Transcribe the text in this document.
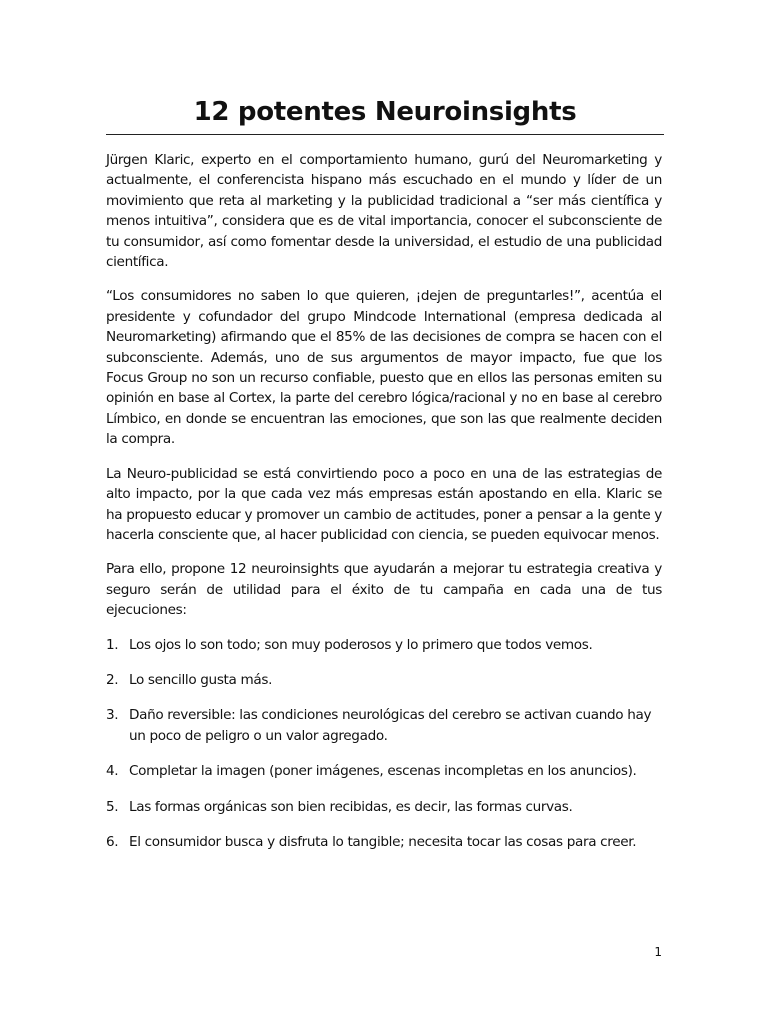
12 potentes Neuroinsights

Jürgen Klaric, experto en el comportamiento humano, gurú del Neuromarketing y actualmente, el conferencista hispano más escuchado en el mundo y líder de un movimiento que reta al marketing y la publicidad tradicional a “ser más científica y menos intuitiva”, considera que es de vital importancia, conocer el subconsciente de tu consumidor, así como fomentar desde la universidad, el estudio de una publicidad científica.

“Los consumidores no saben lo que quieren, ¡dejen de preguntarles!”, acentúa el presidente y cofundador del grupo Mindcode International (empresa dedicada al Neuromarketing) afirmando que el 85% de las decisiones de compra se hacen con el subconsciente. Además, uno de sus argumentos de mayor impacto, fue que los Focus Group no son un recurso confiable, puesto que en ellos las personas emiten su opinión en base al Cortex, la parte del cerebro lógica/racional y no en base al cerebro Límbico, en donde se encuentran las emociones, que son las que realmente deciden la compra.

La Neuro-publicidad se está convirtiendo poco a poco en una de las estrategias de alto impacto, por la que cada vez más empresas están apostando en ella. Klaric se ha propuesto educar y promover un cambio de actitudes, poner a pensar a la gente y hacerla consciente que, al hacer publicidad con ciencia, se pueden equivocar menos.

Para ello, propone 12 neuroinsights que ayudarán a mejorar tu estrategia creativa y seguro serán de utilidad para el éxito de tu campaña en cada una de tus ejecuciones:

1. Los ojos lo son todo; son muy poderosos y lo primero que todos vemos.
2. Lo sencillo gusta más.
3. Daño reversible: las condiciones neurológicas del cerebro se activan cuando hay un poco de peligro o un valor agregado.
4. Completar la imagen (poner imágenes, escenas incompletas en los anuncios).
5. Las formas orgánicas son bien recibidas, es decir, las formas curvas.
6. El consumidor busca y disfruta lo tangible; necesita tocar las cosas para creer.
1
